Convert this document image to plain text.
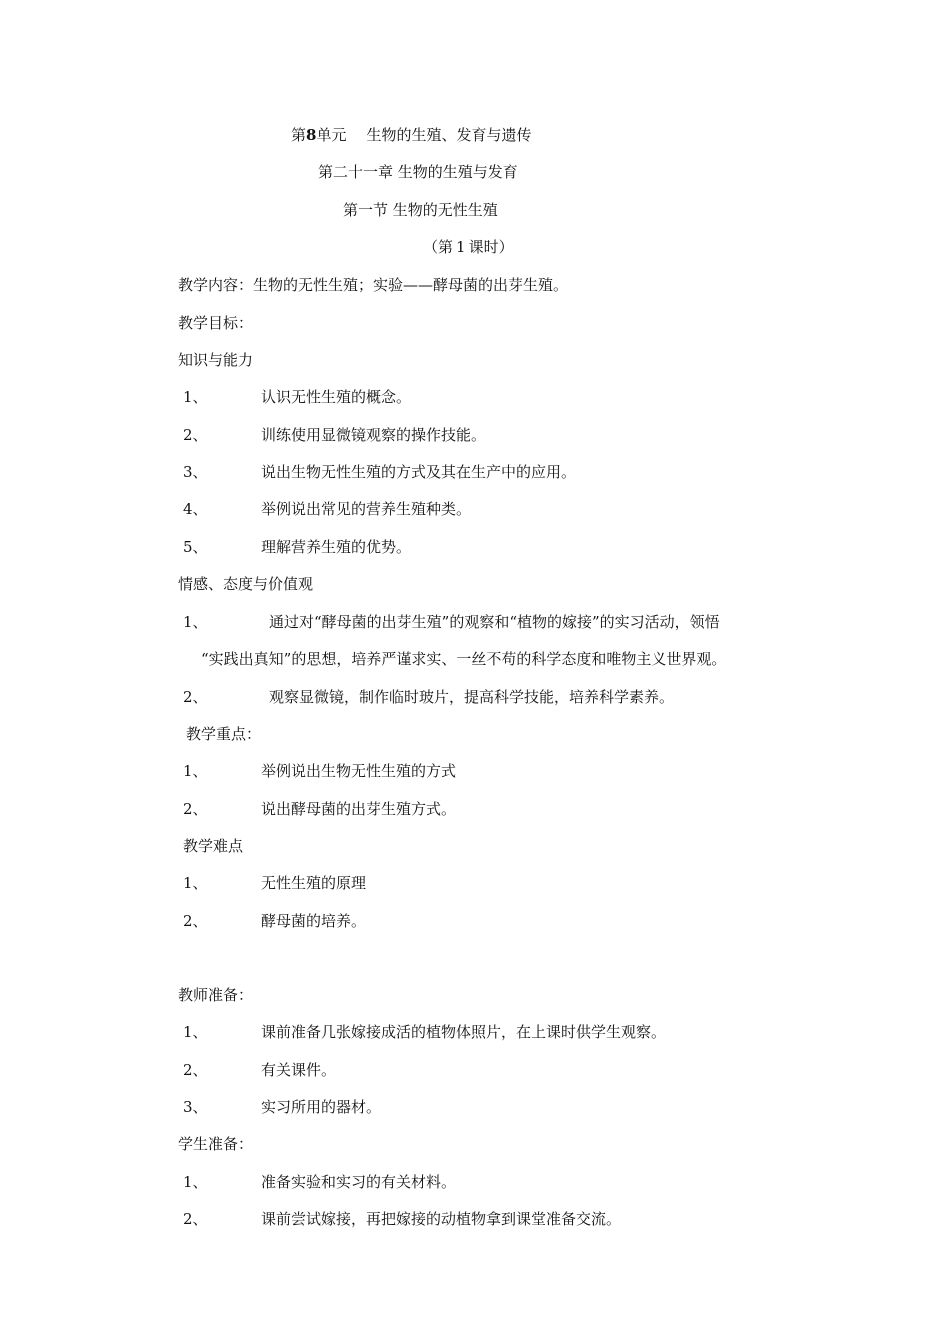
第8单元 生物的生殖、发育与遗传
第二十一章 生物的生殖与发育
第一节 生物的无性生殖
（第 1 课时）
教学内容：生物的无性生殖；实验——酵母菌的出芽生殖。
教学目标：
知识与能力
1、	认识无性生殖的概念。
2、	训练使用显微镜观察的操作技能。
3、	说出生物无性生殖的方式及其在生产中的应用。
4、	举例说出常见的营养生殖种类。
5、	理解营养生殖的优势。
情感、态度与价值观
1、	通过对“酵母菌的出芽生殖”的观察和“植物的嫁接”的实习活动，领悟
“实践出真知”的思想，培养严谨求实、一丝不苟的科学态度和唯物主义世界观。
2、	观察显微镜，制作临时玻片，提高科学技能，培养科学素养。
教学重点：
1、	举例说出生物无性生殖的方式
2、	说出酵母菌的出芽生殖方式。
教学难点
1、	无性生殖的原理
2、	酵母菌的培养。
教师准备：
1、	课前准备几张嫁接成活的植物体照片，在上课时供学生观察。
2、	有关课件。
3、	实习所用的器材。
学生准备：
1、	准备实验和实习的有关材料。
2、	课前尝试嫁接，再把嫁接的动植物拿到课堂准备交流。
